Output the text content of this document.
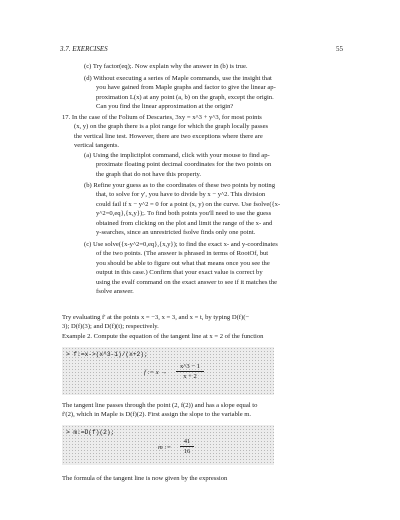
3.7. EXERCISES	55
(c) Try factor(eq);. Now explain why the answer in (b) is true.
(d) Without executing a series of Maple commands, use the insight that
you have gained from Maple graphs and factor to give the linear ap-
proximation L(x) at any point (a, b) on the graph, except the origin.
Can you find the linear approximation at the origin?
17. In the case of the Folium of Descartes, 3xy = x^3 + y^3, for most points
(x, y) on the graph there is a plot range for which the graph locally passes
the vertical line test. However, there are two exceptions where there are
vertical tangents.
(a) Using the implicitplot command, click with your mouse to find ap-
proximate floating point decimal coordinates for the two points on
the graph that do not have this property.
(b) Refine your guess as to the coordinates of these two points by noting
that, to solve for y', you have to divide by x − y^2. This division
could fail if x − y^2 = 0 for a point (x, y) on the curve. Use fsolve({x-
y^2=0,eq},{x,y});. To find both points you'll need to use the guess
obtained from clicking on the plot and limit the range of the x- and
y-searches, since an unrestricted fsolve finds only one point.
(c) Use solve({x-y^2=0,eq},{x,y}); to find the exact x- and y-coordinates
of the two points. (The answer is phrased in terms of RootOf, but
you should be able to figure out what that means once you see the
output in this case.) Confirm that your exact value is correct by
using the evalf command on the exact answer to see if it matches the
fsolve answer.
Try evaluating f' at the points x = −3, x = 3, and x = t, by typing D(f)(−
3); D(f)(3); and D(f)(t); respectively.
Example 2. Compute the equation of the tangent line at x = 2 of the function
> f:=x->(x^3-1)/(x+2);
f := x →
x^3 − 1
x + 2
The tangent line passes through the point (2, f(2)) and has a slope equal to
f'(2), which in Maple is D(f)(2). First assign the slope to the variable m.
> m:=D(f)(2);
m :=
41
16
The formula of the tangent line is now given by the expression
